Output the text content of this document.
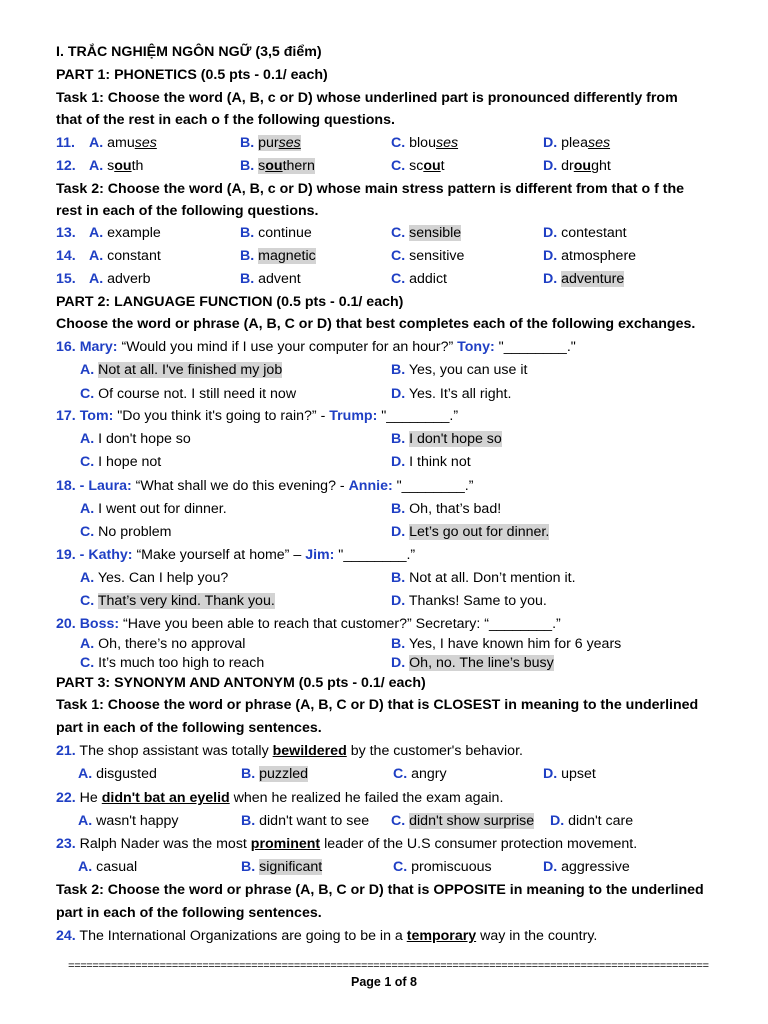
I. TRẮC NGHIỆM NGÔN NGỮ (3,5 điểm)
PART 1: PHONETICS (0.5 pts - 0.1/ each)
Task 1: Choose the word (A, B, c or D) whose underlined part is pronounced differently from
that of the rest in each o f the following questions.
11. A. amuses	B. purses	C. blouses	D. pleases
12. A. south	B. southern	C. scout	D. drought
Task 2: Choose the word (A, B, c or D) whose main stress pattern is different from that o f the
rest in each of the following questions.
13. A. example	B. continue	C. sensible	D. contestant
14. A. constant	B. magnetic	C. sensitive	D. atmosphere
15. A. adverb	B. advent	C. addict	D. adventure
PART 2: LANGUAGE FUNCTION (0.5 pts - 0.1/ each)
Choose the word or phrase (A, B, C or D) that best completes each of the following exchanges.
16. Mary: “Would you mind if I use your computer for an hour?” Tony: "________."
A. Not at all. I've finished my job	B. Yes, you can use it
C. Of course not. I still need it now	D. Yes. It’s all right.
17. Tom: "Do you think it's going to rain?” - Trump: "________.”
A. I don't hope so	B. I don't hope so
C. I hope not	D. I think not
18. - Laura: “What shall we do this evening? - Annie: "________.”
A. I went out for dinner.	B. Oh, that’s bad!
C. No problem	D. Let’s go out for dinner.
19. - Kathy: “Make yourself at home” – Jim: "________.”
A. Yes. Can I help you?	B. Not at all. Don’t mention it.
C. That’s very kind. Thank you.	D. Thanks! Same to you.
20. Boss: “Have you been able to reach that customer?” Secretary: “________.”
A. Oh, there’s no approval	B. Yes, I have known him for 6 years
C. It’s much too high to reach	D. Oh, no. The line’s busy
PART 3: SYNONYM AND ANTONYM (0.5 pts - 0.1/ each)
Task 1: Choose the word or phrase (A, B, C or D) that is CLOSEST in meaning to the underlined
part in each of the following sentences.
21. The shop assistant was totally bewildered by the customer's behavior.
A. disgusted	B. puzzled	C. angry	D. upset
22. He didn't bat an eyelid when he realized he failed the exam again.
A. wasn't happy	B. didn't want to see C. didn't show surprise D. didn't care
23. Ralph Nader was the most prominent leader of the U.S consumer protection movement.
A. casual	B. significant	C. promiscuous	D. aggressive
Task 2: Choose the word or phrase (A, B, C or D) that is OPPOSITE in meaning to the underlined
part in each of the following sentences.
24. The International Organizations are going to be in a temporary way in the country.
=========================================================================================================
Page 1 of 8
